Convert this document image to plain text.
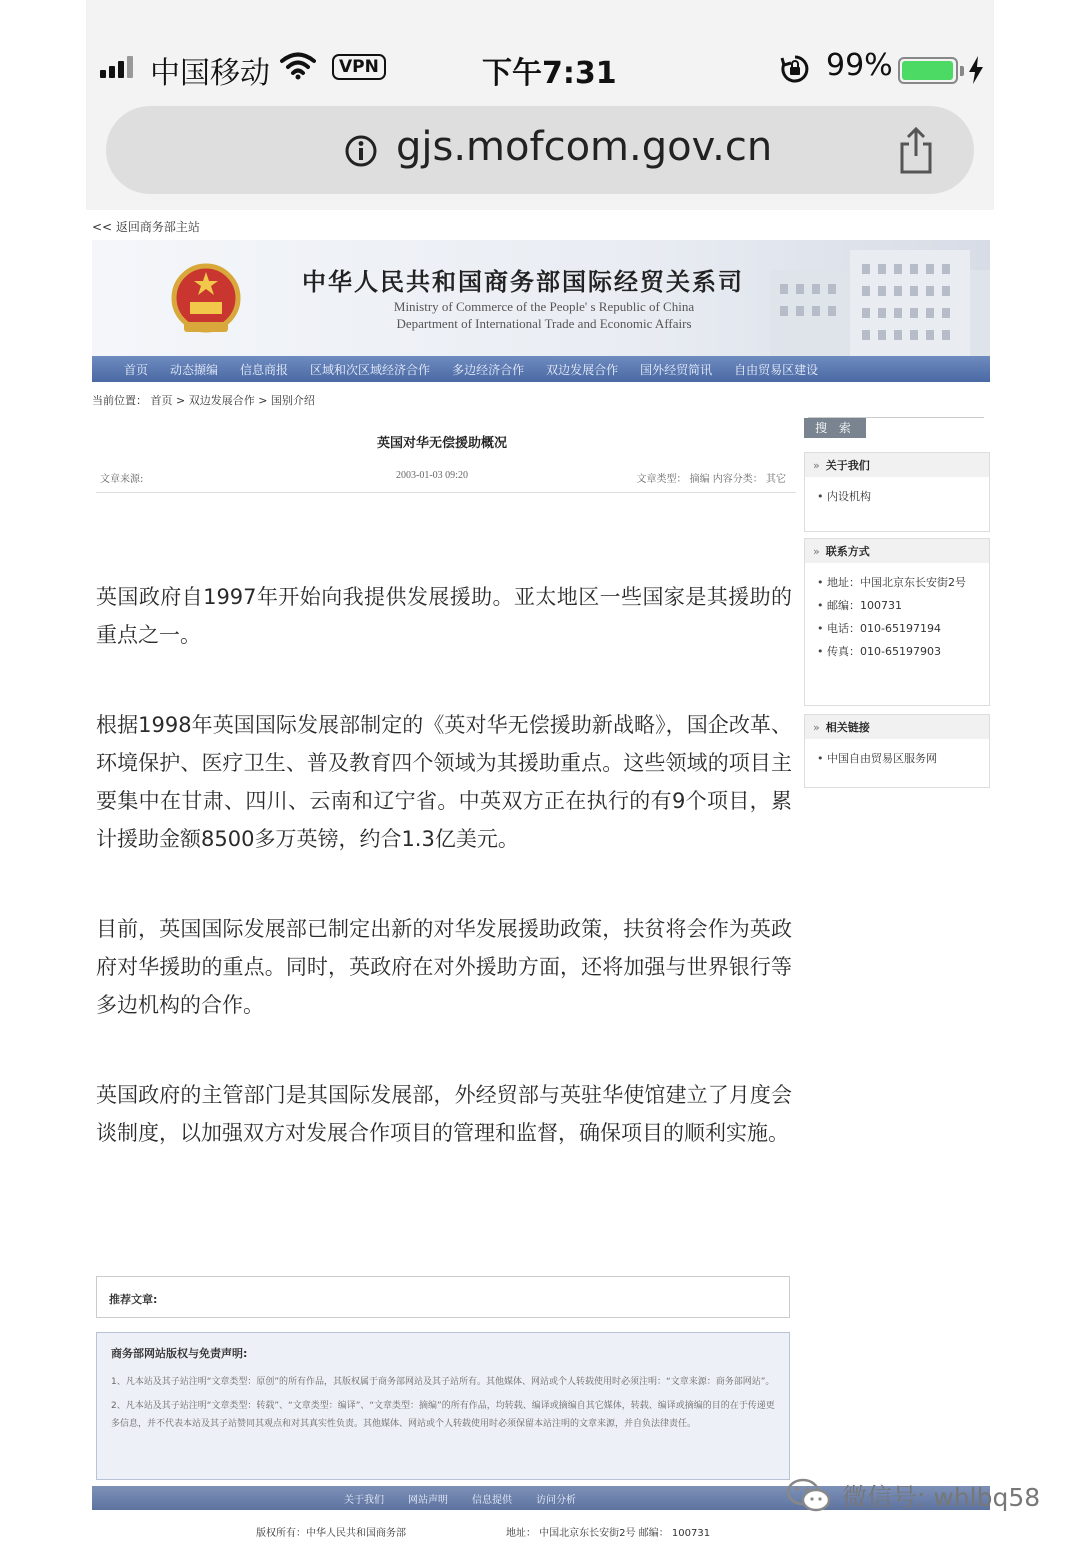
中国移动	VPN	下午7:31	99%
gjs.mofcom.gov.cn
<< 返回商务部主站
中华人民共和国商务部国际经贸关系司
Ministry of Commerce of the People' s Republic of China
Department of International Trade and Economic Affairs
首页 动态撷编 信息商报 区域和次区域经济合作 多边经济合作 双边发展合作 国外经贸简讯 自由贸易区建设
当前位置： 首页 > 双边发展合作 > 国别介绍
英国对华无偿援助概况
文章来源:	2003-01-03 09:20	文章类型： 摘编 内容分类： 其它

英国政府自1997年开始向我提供发展援助。亚太地区一些国家是其援助的重点之一。

根据1998年英国国际发展部制定的《英对华无偿援助新战略》，国企改革、环境保护、医疗卫生、普及教育四个领域为其援助重点。这些领域的项目主要集中在甘肃、四川、云南和辽宁省。中英双方正在执行的有9个项目，累计援助金额8500多万英镑，约合1.3亿美元。

目前，英国国际发展部已制定出新的对华发展援助政策，扶贫将会作为英政府对华援助的重点。同时，英政府在对外援助方面，还将加强与世界银行等多边机构的合作。

英国政府的主管部门是其国际发展部，外经贸部与英驻华使馆建立了月度会谈制度，以加强双方对发展合作项目的管理和监督，确保项目的顺利实施。

搜 索
» 关于我们
• 内设机构
» 联系方式
• 地址：中国北京东长安街2号
• 邮编：100731
• 电话：010-65197194
• 传真：010-65197903
» 相关链接
• 中国自由贸易区服务网
推荐文章:
商务部网站版权与免责声明:
1、凡本站及其子站注明“文章类型：原创”的所有作品，其版权属于商务部网站及其子站所有。其他媒体、网站或个人转载使用时必须注明：“文章来源：商务部网站”。
2、凡本站及其子站注明“文章类型：转载”、“文章类型：编译”、“文章类型：摘编”的所有作品，均转载、编译或摘编自其它媒体，转载、编译或摘编的目的在于传递更多信息，并不代表本站及其子站赞同其观点和对其真实性负责。其他媒体、网站或个人转载使用时必须保留本站注明的文章来源，并自负法律责任。
关于我们 网站声明 信息提供 访问分析
版权所有：中华人民共和国商务部	地址： 中国北京东长安街2号 邮编： 100731
微信号: whlbq58
